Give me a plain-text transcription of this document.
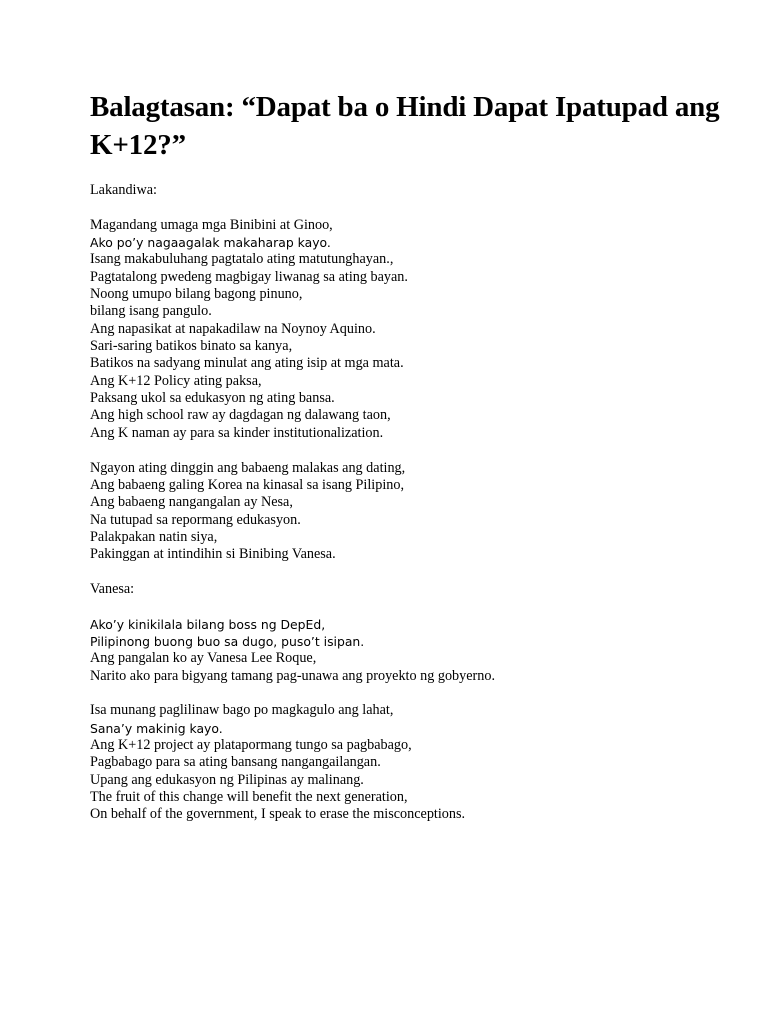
Balagtasan: “Dapat ba o Hindi Dapat Ipatupad ang K+12?”
Lakandiwa:
Magandang umaga mga Binibini at Ginoo,
Ako po’y nagaagalak makaharap kayo.
Isang makabuluhang pagtatalo ating matutunghayan.,
Pagtatalong pwedeng magbigay liwanag sa ating bayan.
Noong umupo bilang bagong pinuno,
bilang isang pangulo.
Ang napasikat at napakadilaw na Noynoy Aquino.
Sari-saring batikos binato sa kanya,
Batikos na sadyang minulat ang ating isip at mga mata.
Ang K+12 Policy ating paksa,
Paksang ukol sa edukasyon ng ating bansa.
Ang high school raw ay dagdagan ng dalawang taon,
Ang K naman ay para sa kinder institutionalization.
Ngayon ating dinggin ang babaeng malakas ang dating,
Ang babaeng galing Korea na kinasal sa isang Pilipino,
Ang babaeng nangangalan ay Nesa,
Na tutupad sa repormang edukasyon.
Palakpakan natin siya,
Pakinggan at intindihin si Binibing Vanesa.
Vanesa:
Ako’y kinikilala bilang boss ng DepEd,
Pilipinong buong buo sa dugo, puso’t isipan.
Ang pangalan ko ay Vanesa Lee Roque,
Narito ako para bigyang tamang pag-unawa ang proyekto ng gobyerno.
Isa munang paglilinaw bago po magkagulo ang lahat,
Sana’y makinig kayo.
Ang K+12 project ay platapormang tungo sa pagbabago,
Pagbabago para sa ating bansang nangangailangan.
Upang ang edukasyon ng Pilipinas ay malinang.
The fruit of this change will benefit the next generation,
On behalf of the government, I speak to erase the misconceptions.
